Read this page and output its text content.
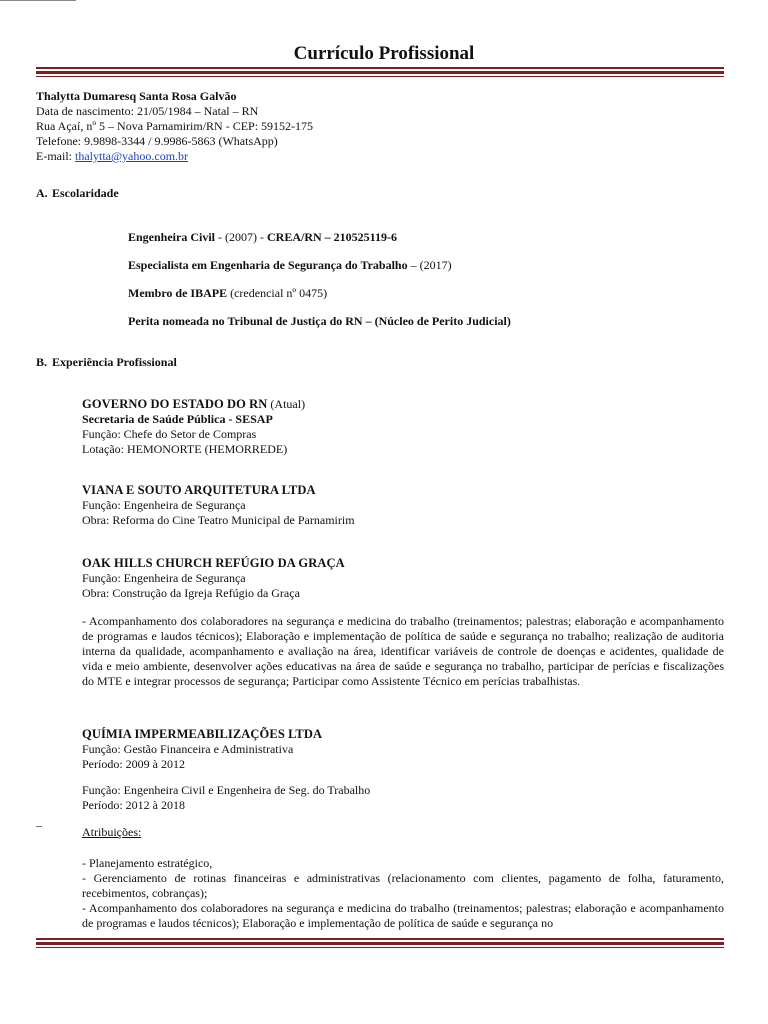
Currículo Profissional
Thalytta Dumaresq Santa Rosa Galvão
Data de nascimento: 21/05/1984 – Natal – RN
Rua Açaí, nº 5 – Nova Parnamirim/RN - CEP: 59152-175
Telefone: 9.9898-3344 / 9.9986-5863 (WhatsApp)
E-mail: thalytta@yahoo.com.br
A. Escolaridade
Engenheira Civil - (2007) - CREA/RN – 210525119-6
Especialista em Engenharia de Segurança do Trabalho – (2017)
Membro de IBAPE (credencial nº 0475)
Perita nomeada no Tribunal de Justiça do RN – (Núcleo de Perito Judicial)
B. Experiência Profissional
GOVERNO DO ESTADO DO RN (Atual)
Secretaria de Saúde Pública - SESAP
Função: Chefe do Setor de Compras
Lotação: HEMONORTE (HEMORREDE)
VIANA E SOUTO ARQUITETURA LTDA
Função: Engenheira de Segurança
Obra: Reforma do Cine Teatro Municipal de Parnamirim
OAK HILLS CHURCH REFÚGIO DA GRAÇA
Função: Engenheira de Segurança
Obra: Construção da Igreja Refúgio da Graça
- Acompanhamento dos colaboradores na segurança e medicina do trabalho (treinamentos; palestras; elaboração e acompanhamento de programas e laudos técnicos); Elaboração e implementação de política de saúde e segurança no trabalho; realização de auditoria interna da qualidade, acompanhamento e avaliação na área, identificar variáveis de controle de doenças e acidentes, qualidade de vida e meio ambiente, desenvolver ações educativas na área de saúde e segurança no trabalho, participar de perícias e fiscalizações do MTE e integrar processos de segurança; Participar como Assistente Técnico em perícias trabalhistas.
QUÍMIA IMPERMEABILIZAÇÕES LTDA
Função: Gestão Financeira e Administrativa
Período: 2009 à 2012
Função: Engenheira Civil e Engenheira de Seg. do Trabalho
Período: 2012 à 2018
Atribuições:
–
- Planejamento estratégico,
- Gerenciamento de rotinas financeiras e administrativas (relacionamento com clientes, pagamento de folha, faturamento, recebimentos, cobranças);
- Acompanhamento dos colaboradores na segurança e medicina do trabalho (treinamentos; palestras; elaboração e acompanhamento de programas e laudos técnicos); Elaboração e implementação de política de saúde e segurança no
